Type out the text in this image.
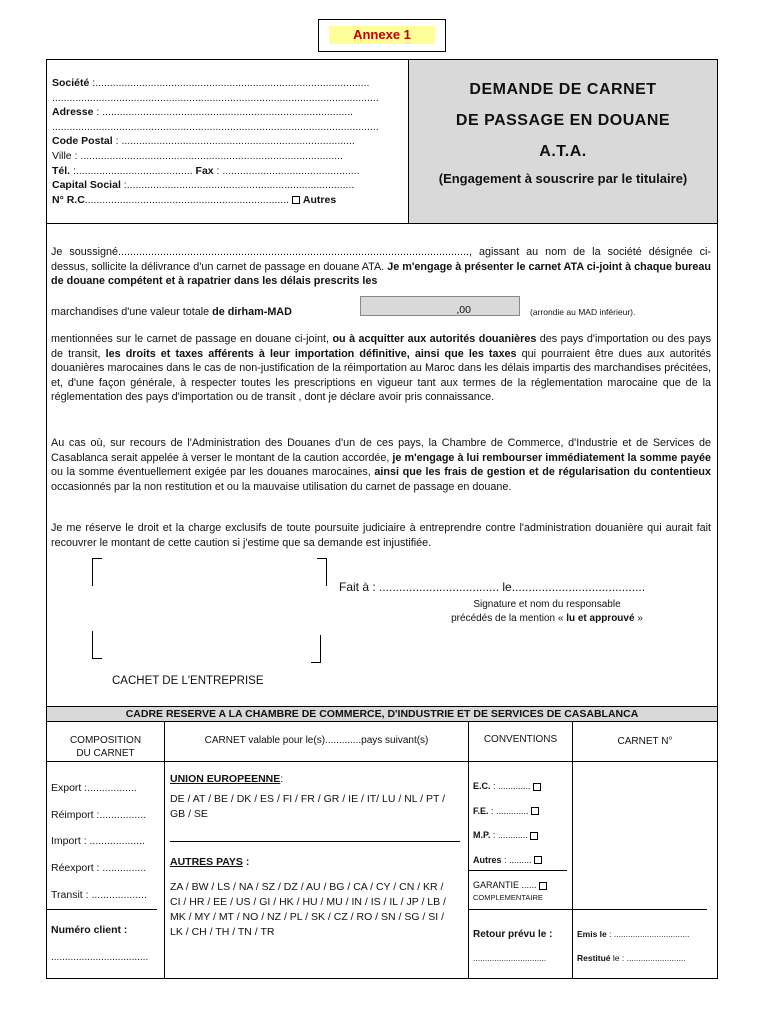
Annexe 1
Société :..............................................................................................
................................................................................................................
Adresse : ......................................................................................
................................................................................................................
Code Postal : ................................................................................
Ville : ..........................................................................................
Tél. :........................................ Fax : ...............................................
Capital Social :..............................................................................
N° R.C...................................................................... Autres
DEMANDE DE CARNET
DE PASSAGE EN DOUANE
A.T.A.
(Engagement à souscrire par le titulaire)
Je soussigné....................................................................................................................., agissant au nom de la société désignée ci-dessus, sollicite la délivrance d'un carnet de passage en douane ATA. Je m'engage à présenter le carnet ATA ci-joint à chaque bureau de douane compétent et à rapatrier dans les délais prescrits les
marchandises d'une valeur totale de dirham-MAD	,00	(arrondie au MAD inférieur).
mentionnées sur le carnet de passage en douane ci-joint, ou à acquitter aux autorités douanières des pays d'importation ou des pays de transit, les droits et taxes afférents à leur importation définitive, ainsi que les taxes qui pourraient être dues aux autorités douanières marocaines dans le cas de non-justification de la réimportation au Maroc dans les délais impartis des marchandises précitées, et, d'une façon générale, à respecter toutes les prescriptions en vigueur tant aux termes de la réglementation marocaine que de la réglementation des pays d'importation ou de transit , dont je déclare avoir pris connaissance.
Au cas où, sur recours de l'Administration des Douanes d'un de ces pays, la Chambre de Commerce, d'Industrie et de Services de Casablanca serait appelée à verser le montant de la caution accordée, je m'engage à lui rembourser immédiatement la somme payée ou la somme éventuellement exigée par les douanes marocaines, ainsi que les frais de gestion et de régularisation du contentieux occasionnés par la non restitution et ou la mauvaise utilisation du carnet de passage en douane.
Je me réserve le droit et la charge exclusifs de toute poursuite judiciaire à entreprendre contre l'administration douanière qui aurait fait recouvrer le montant de cette caution si j'estime que sa demande est injustifiée.
Fait à : .................................... le........................................
Signature et nom du responsable
précédés de la mention « lu et approuvé »
CACHET DE L'ENTREPRISE
CADRE RESERVE A LA CHAMBRE DE COMMERCE, D'INDUSTRIE ET DE SERVICES DE CASABLANCA
COMPOSITION
DU CARNET
Export :.................
Réimport :................
Import : ...................
Réexport : ...............
Transit : ...................
Numéro client :
...................................
CARNET valable pour le(s).............pays suivant(s)
UNION EUROPEENNE:
DE / AT / BE / DK / ES / FI / FR / GR / IE / IT/ LU / NL / PT / GB / SE
AUTRES PAYS :
ZA / BW / LS / NA / SZ / DZ / AU / BG / CA / CY / CN / KR / CI / HR / EE / US / GI / HK / HU / MU / IN / IS / IL / JP / LB / MK / MY / MT / NO / NZ / PL / SK / CZ / RO / SN / SG / SI / LK / CH / TH / TN / TR
CONVENTIONS
E.C. : .............
F.E. : .............
M.P. : ............
Autres : .........
GARANTIE ......
COMPLEMENTAIRE
Retour prévu le :
...............................
CARNET N°
Emis le : ................................
Restitué le : .........................
